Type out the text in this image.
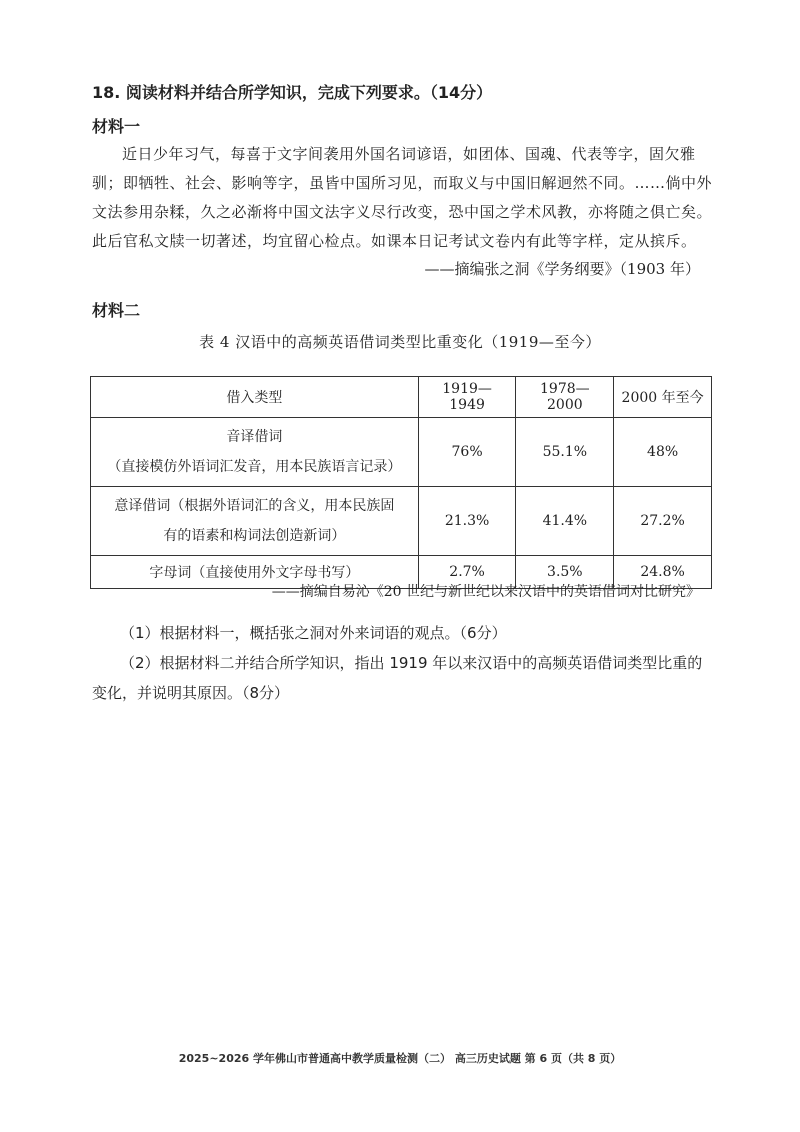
18. 阅读材料并结合所学知识，完成下列要求。（14分）
材料一
近日少年习气，每喜于文字间袭用外国名词谚语，如团体、国魂、代表等字，固欠雅驯；即牺牲、社会、影响等字，虽皆中国所习见，而取义与中国旧解迥然不同。……倘中外文法参用杂糅，久之必渐将中国文法字义尽行改变，恐中国之学术风教，亦将随之俱亡矣。此后官私文牍一切著述，均宜留心检点。如课本日记考试文卷内有此等字样，定从摈斥。
——摘编张之洞《学务纲要》（1903 年）
材料二
表 4 汉语中的高频英语借词类型比重变化（1919—至今）
借入类型	1919—1949	1978—2000	2000 年至今

音译借词
（直接模仿外语词汇发音，用本民族语言记录）	76%	55.1%	48%

意译借词（根据外语词汇的含义，用本民族固
有的语素和构词法创造新词）	21.3%	41.4%	27.2%
字母词（直接使用外文字母书写）	2.7%	3.5%	24.8%
——摘编自易沁《20 世纪与新世纪以来汉语中的英语借词对比研究》
（1）根据材料一，概括张之洞对外来词语的观点。（6分）
（2）根据材料二并结合所学知识，指出 1919 年以来汉语中的高频英语借词类型比重的变化，并说明其原因。（8分）
2025~2026 学年佛山市普通高中教学质量检测（二） 高三历史试题 第 6 页（共 8 页）
